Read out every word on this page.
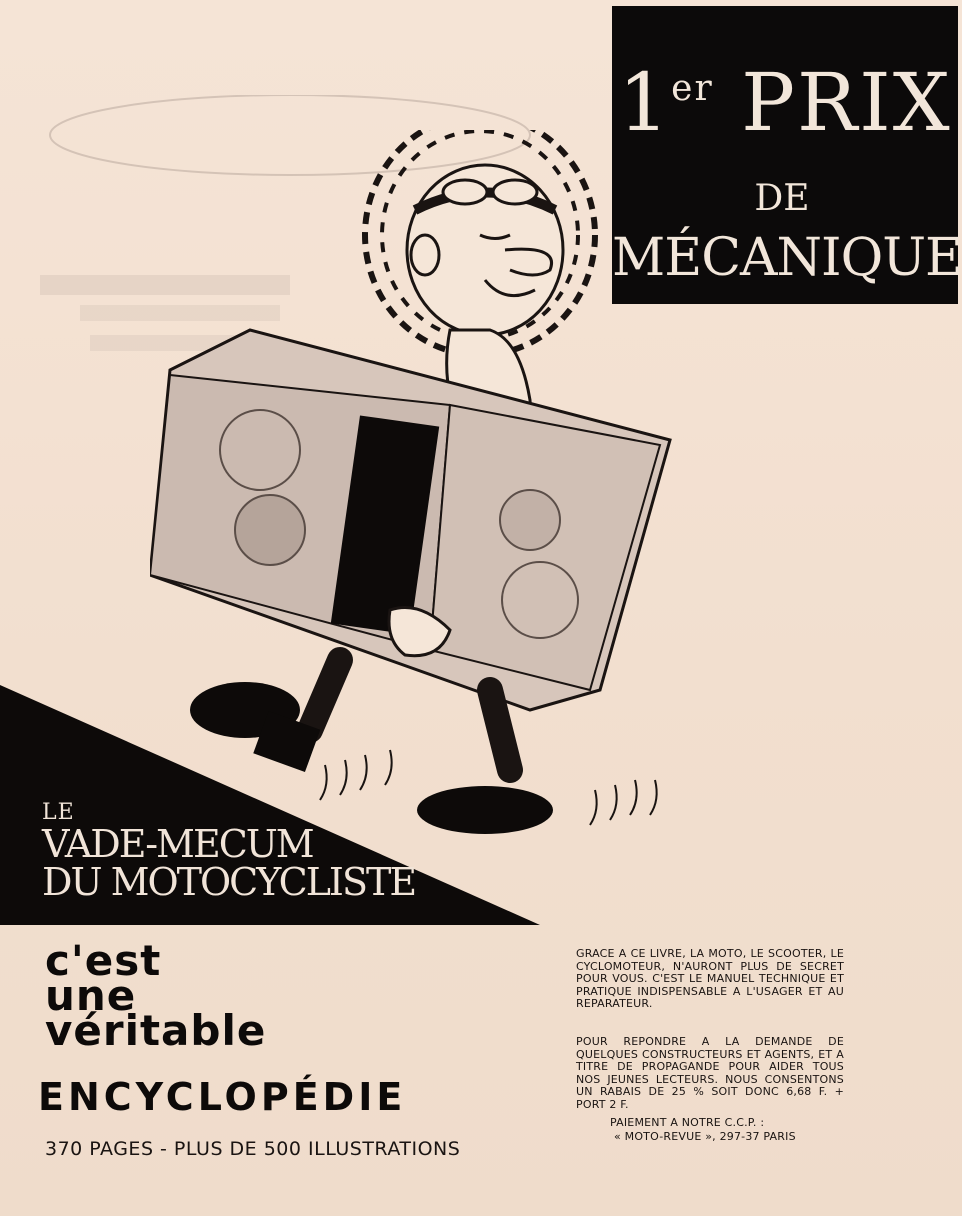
1er PRIX
DE
MÉCANIQUE
LE
VADE-MECUM
DU MOTOCYCLISTE
c'est
une
véritable
ENCYCLOPÉDIE
370 PAGES - PLUS DE 500 ILLUSTRATIONS
GRACE A CE LIVRE, LA MOTO, LE SCOOTER, LE CYCLOMOTEUR, N'AURONT PLUS DE SECRET POUR VOUS. C'EST LE MANUEL TECHNIQUE ET PRATIQUE INDISPENSABLE A L'USAGER ET AU REPARATEUR.
POUR REPONDRE A LA DEMANDE DE QUELQUES CONSTRUCTEURS ET AGENTS, ET A TITRE DE PROPAGANDE POUR AIDER TOUS NOS JEUNES LECTEURS. NOUS CONSENTONS UN RABAIS DE 25 % SOIT DONC 6,68 F. + PORT 2 F.
PAIEMENT A NOTRE C.C.P. :
« MOTO-REVUE », 297-37 PARIS
